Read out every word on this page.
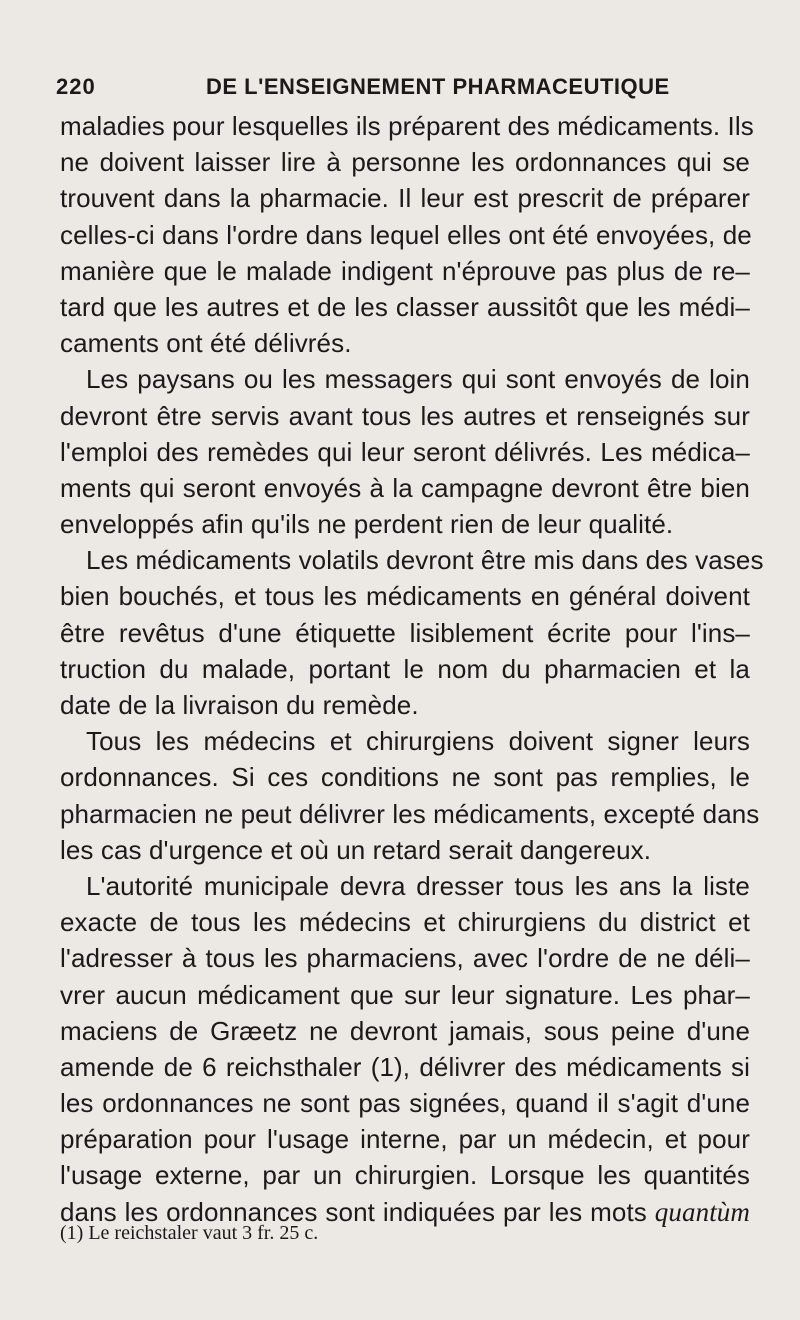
220	DE L'ENSEIGNEMENT PHARMACEUTIQUE
maladies pour lesquelles ils préparent des médicaments. Ils
ne doivent laisser lire à personne les ordonnances qui se
trouvent dans la pharmacie. Il leur est prescrit de préparer
celles-ci dans l'ordre dans lequel elles ont été envoyées, de
manière que le malade indigent n'éprouve pas plus de re–
tard que les autres et de les classer aussitôt que les médi–
caments ont été délivrés.
Les paysans ou les messagers qui sont envoyés de loin
devront être servis avant tous les autres et renseignés sur
l'emploi des remèdes qui leur seront délivrés. Les médica–
ments qui seront envoyés à la campagne devront être bien
enveloppés afin qu'ils ne perdent rien de leur qualité.
Les médicaments volatils devront être mis dans des vases
bien bouchés, et tous les médicaments en général doivent
être revêtus d'une étiquette lisiblement écrite pour l'ins–
truction du malade, portant le nom du pharmacien et la
date de la livraison du remède.
Tous les médecins et chirurgiens doivent signer leurs
ordonnances. Si ces conditions ne sont pas remplies, le
pharmacien ne peut délivrer les médicaments, excepté dans
les cas d'urgence et où un retard serait dangereux.
L'autorité municipale devra dresser tous les ans la liste
exacte de tous les médecins et chirurgiens du district et
l'adresser à tous les pharmaciens, avec l'ordre de ne déli–
vrer aucun médicament que sur leur signature. Les phar–
maciens de Græetz ne devront jamais, sous peine d'une
amende de 6 reichsthaler (1), délivrer des médicaments si
les ordonnances ne sont pas signées, quand il s'agit d'une
préparation pour l'usage interne, par un médecin, et pour
l'usage externe, par un chirurgien. Lorsque les quantités
dans les ordonnances sont indiquées par les mots quantùm
(1) Le reichstaler vaut 3 fr. 25 c.
